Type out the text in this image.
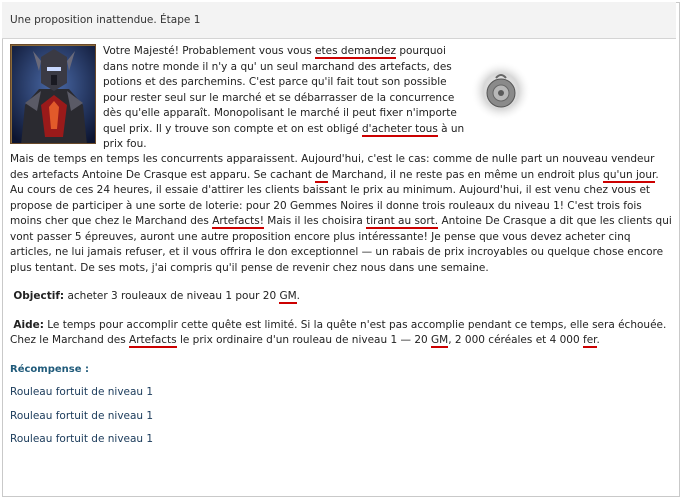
Une proposition inattendue. Étape 1
Votre Majesté! Probablement vous vous etes demandez pourquoi dans notre monde il n'y a qu' un seul marchand des artefacts, des potions et des parchemins. C'est parce qu'il fait tout son possible pour rester seul sur le marché et se débarrasser de la concurrence dès qu'elle apparaît. Monopolisant le marché il peut fixer n'importe quel prix. Il y trouve son compte et on est obligé d'acheter tous à un prix fou.

Mais de temps en temps les concurrents apparaissent. Aujourd'hui, c'est le cas: comme de nulle part un nouveau vendeur des artefacts Antoine De Crasque est apparu. Se cachant de Marchand, il ne reste pas en même un endroit plus qu'un jour. Au cours de ces 24 heures, il essaie d'attirer les clients baissant le prix au minimum. Aujourd'hui, il est venu chez vous et propose de participer à une sorte de loterie: pour 20 Gemmes Noires il donne trois rouleaux du niveau 1! C'est trois fois moins cher que chez le Marchand des Artefacts! Mais il les choisira tirant au sort. Antoine De Crasque a dit que les clients qui vont passer 5 épreuves, auront une autre proposition encore plus intéressante! Je pense que vous devez acheter cinq articles, ne lui jamais refuser, et il vous offrira le don exceptionnel — un rabais de prix incroyables ou quelque chose encore plus tentant. De ses mots, j'ai compris qu'il pense de revenir chez nous dans une semaine.

Objectif: acheter 3 rouleaux de niveau 1 pour 20 GM.

Aide: Le temps pour accomplir cette quête est limité. Si la quête n'est pas accomplie pendant ce temps, elle sera échouée. Chez le Marchand des Artefacts le prix ordinaire d'un rouleau de niveau 1 — 20 GM, 2 000 céréales et 4 000 fer.

Récompense :
Rouleau fortuit de niveau 1
Rouleau fortuit de niveau 1
Rouleau fortuit de niveau 1
